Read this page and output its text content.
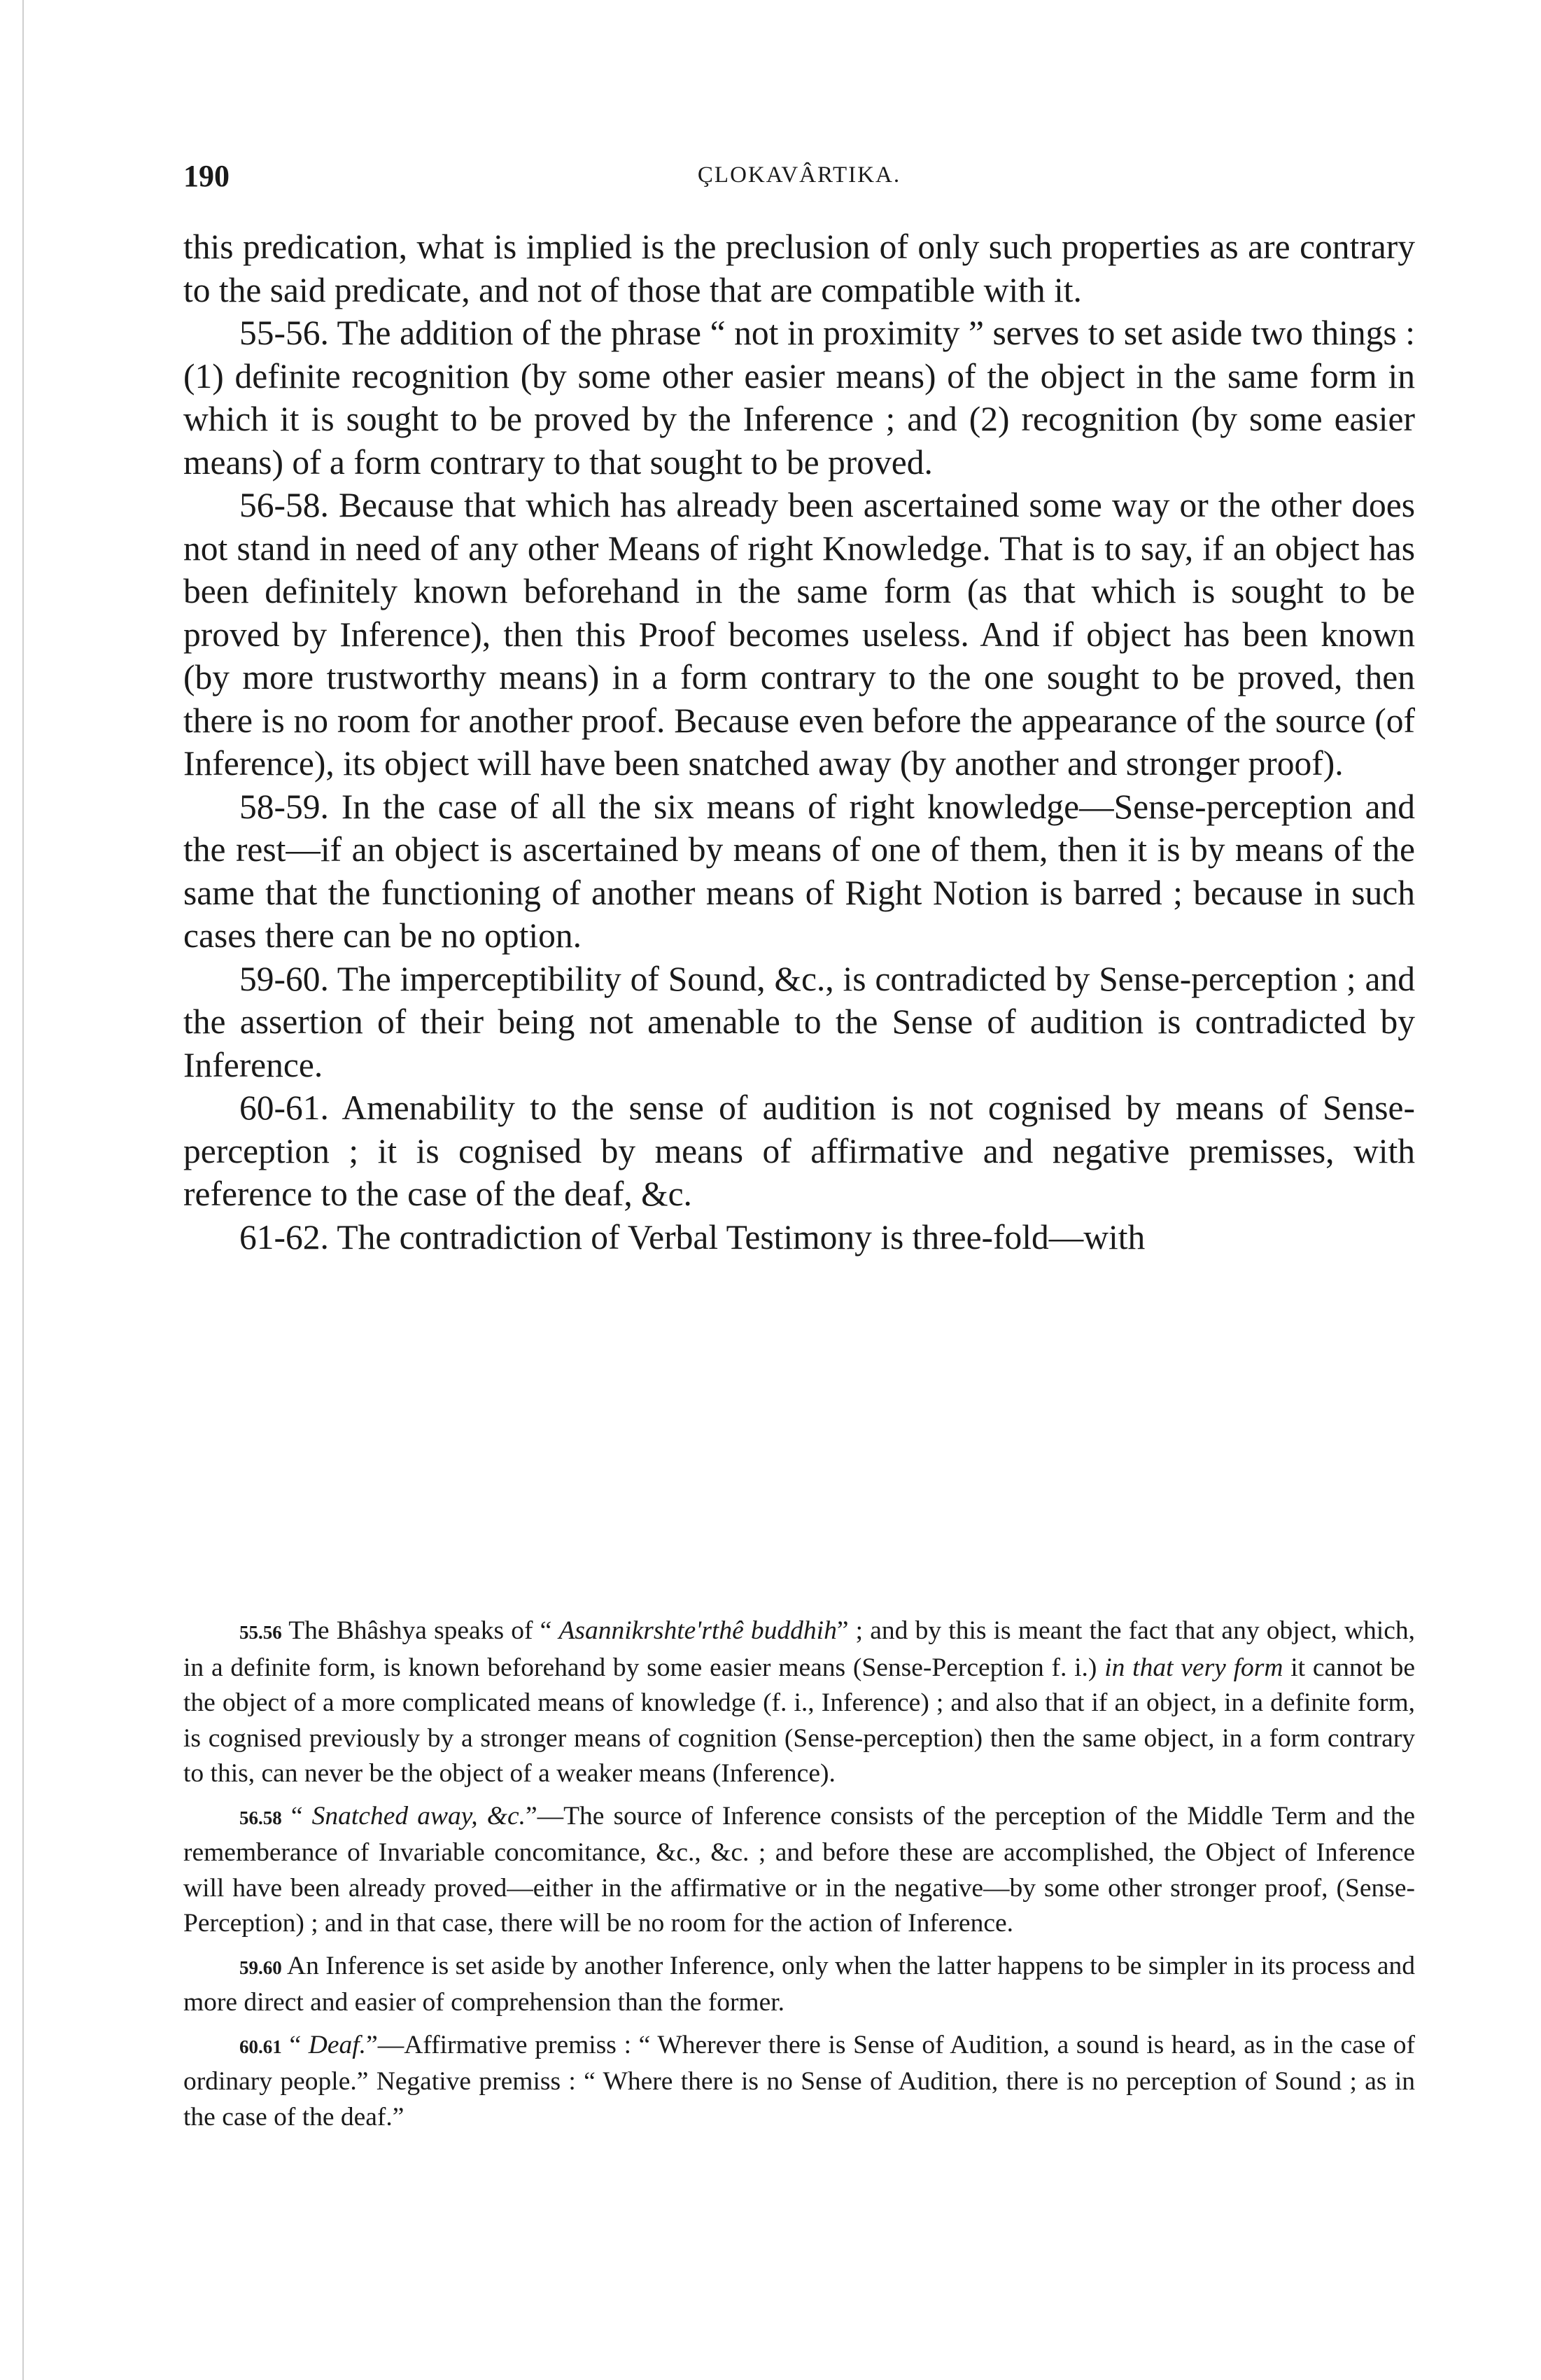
190	ÇLOKAVÂRTIKA.

this predication, what is implied is the preclusion of only such properties as are contrary to the said predicate, and not of those that are compatible with it.

55-56. The addition of the phrase “ not in proximity ” serves to set aside two things : (1) definite recognition (by some other easier means) of the object in the same form in which it is sought to be proved by the Inference ; and (2) recognition (by some easier means) of a form contrary to that sought to be proved.

56-58. Because that which has already been ascertained some way or the other does not stand in need of any other Means of right Knowledge. That is to say, if an object has been definitely known beforehand in the same form (as that which is sought to be proved by Inference), then this Proof becomes useless. And if object has been known (by more trustworthy means) in a form contrary to the one sought to be proved, then there is no room for another proof. Because even before the appearance of the source (of Inference), its object will have been snatched away (by another and stronger proof).

58-59. In the case of all the six means of right knowledge—Sense-perception and the rest—if an object is ascertained by means of one of them, then it is by means of the same that the functioning of another means of Right Notion is barred ; because in such cases there can be no option.

59-60. The imperceptibility of Sound, &c., is contradicted by Sense-perception ; and the assertion of their being not amenable to the Sense of audition is contradicted by Inference.

60-61. Amenability to the sense of audition is not cognised by means of Sense-perception ; it is cognised by means of affirmative and negative premisses, with reference to the case of the deaf, &c.

61-62. The contradiction of Verbal Testimony is three-fold—with

55.56 The Bhâshya speaks of “ Asannikrshte'rthê buddhih” ; and by this is meant the fact that any object, which, in a definite form, is known beforehand by some easier means (Sense-Perception f. i.) in that very form it cannot be the object of a more complicated means of knowledge (f. i., Inference) ; and also that if an object, in a definite form, is cognised previously by a stronger means of cognition (Sense-perception) then the same object, in a form contrary to this, can never be the object of a weaker means (Inference).

56.58 “ Snatched away, &c.”—The source of Inference consists of the perception of the Middle Term and the rememberance of Invariable concomitance, &c., &c. ; and before these are accomplished, the Object of Inference will have been already proved—either in the affirmative or in the negative—by some other stronger proof, (Sense-Perception) ; and in that case, there will be no room for the action of Inference.

59.60 An Inference is set aside by another Inference, only when the latter happens to be simpler in its process and more direct and easier of comprehension than the former.

60.61 “ Deaf.”—Affirmative premiss : “ Wherever there is Sense of Audition, a sound is heard, as in the case of ordinary people.” Negative premiss : “ Where there is no Sense of Audition, there is no perception of Sound ; as in the case of the deaf.”
